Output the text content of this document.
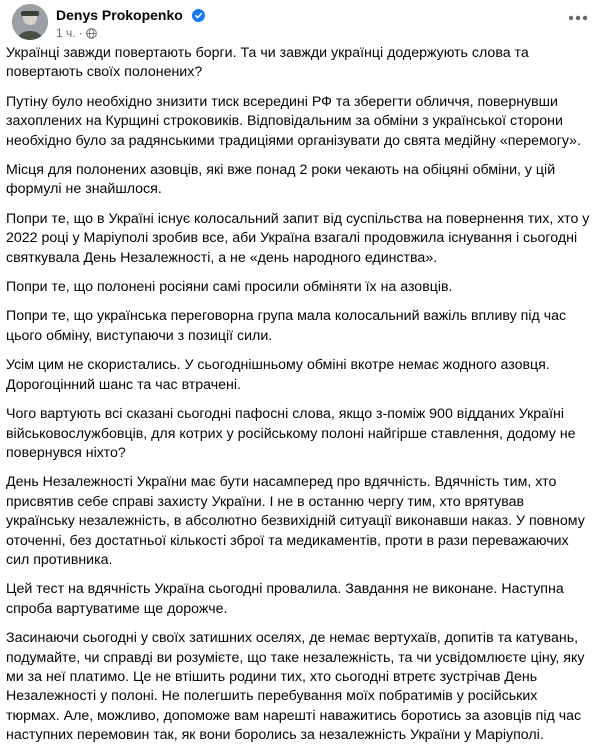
Denys Prokopenko
1 ч. ·

Українці завжди повертають борги. Та чи завжди українці додержують слова та повертають своїх полонених?

Путіну було необхідно знизити тиск всередині РФ та зберегти обличчя, повернувши захоплених на Курщині строковиків. Відповідальним за обміни з української сторони необхідно було за радянськими традиціями організувати до свята медійну «перемогу».

Місця для полонених азовців, які вже понад 2 роки чекають на обіцяні обміни, у цій формулі не знайшлося.

Попри те, що в Україні існує колосальний запит від суспільства на повернення тих, хто у 2022 році у Маріуполі зробив все, аби Україна взагалі продовжила існування і сьогодні святкувала День Незалежності, а не «день народного единства».

Попри те, що полонені росіяни самі просили обміняти їх на азовців.

Попри те, що українська переговорна група мала колосальний важіль впливу під час цього обміну, виступаючи з позиції сили.

Усім цим не скористались. У сьогоднішньому обміні вкотре немає жодного азовця. Дорогоцінний шанс та час втрачені.

Чого вартують всі сказані сьогодні пафосні слова, якщо з-поміж 900 відданих Україні військовослужбовців, для котрих у російському полоні найгірше ставлення, додому не повернувся ніхто?

День Незалежності України має бути насамперед про вдячність. Вдячність тим, хто присвятив себе справі захисту України. І не в останню чергу тим, хто врятував українську незалежність, в абсолютно безвихідній ситуації виконавши наказ. У повному оточенні, без достатньої кількості зброї та медикаментів, проти в рази переважаючих сил противника.

Цей тест на вдячність Україна сьогодні провалила. Завдання не виконане. Наступна спроба вартуватиме ще дорожче.

Засинаючи сьогодні у своїх затишних оселях, де немає вертухаїв, допитів та катувань, подумайте, чи справді ви розумієте, що таке незалежність, та чи усвідомлюєте ціну, яку ми за неї платимо. Це не втішить родини тих, хто сьогодні втретє зустрічав День Незалежності у полоні. Не полегшить перебування моїх побратимів у російських тюрмах. Але, можливо, допоможе вам нарешті наважитись боротись за азовців під час наступних перемовин так, як вони боролись за незалежність України у Маріуполі.
